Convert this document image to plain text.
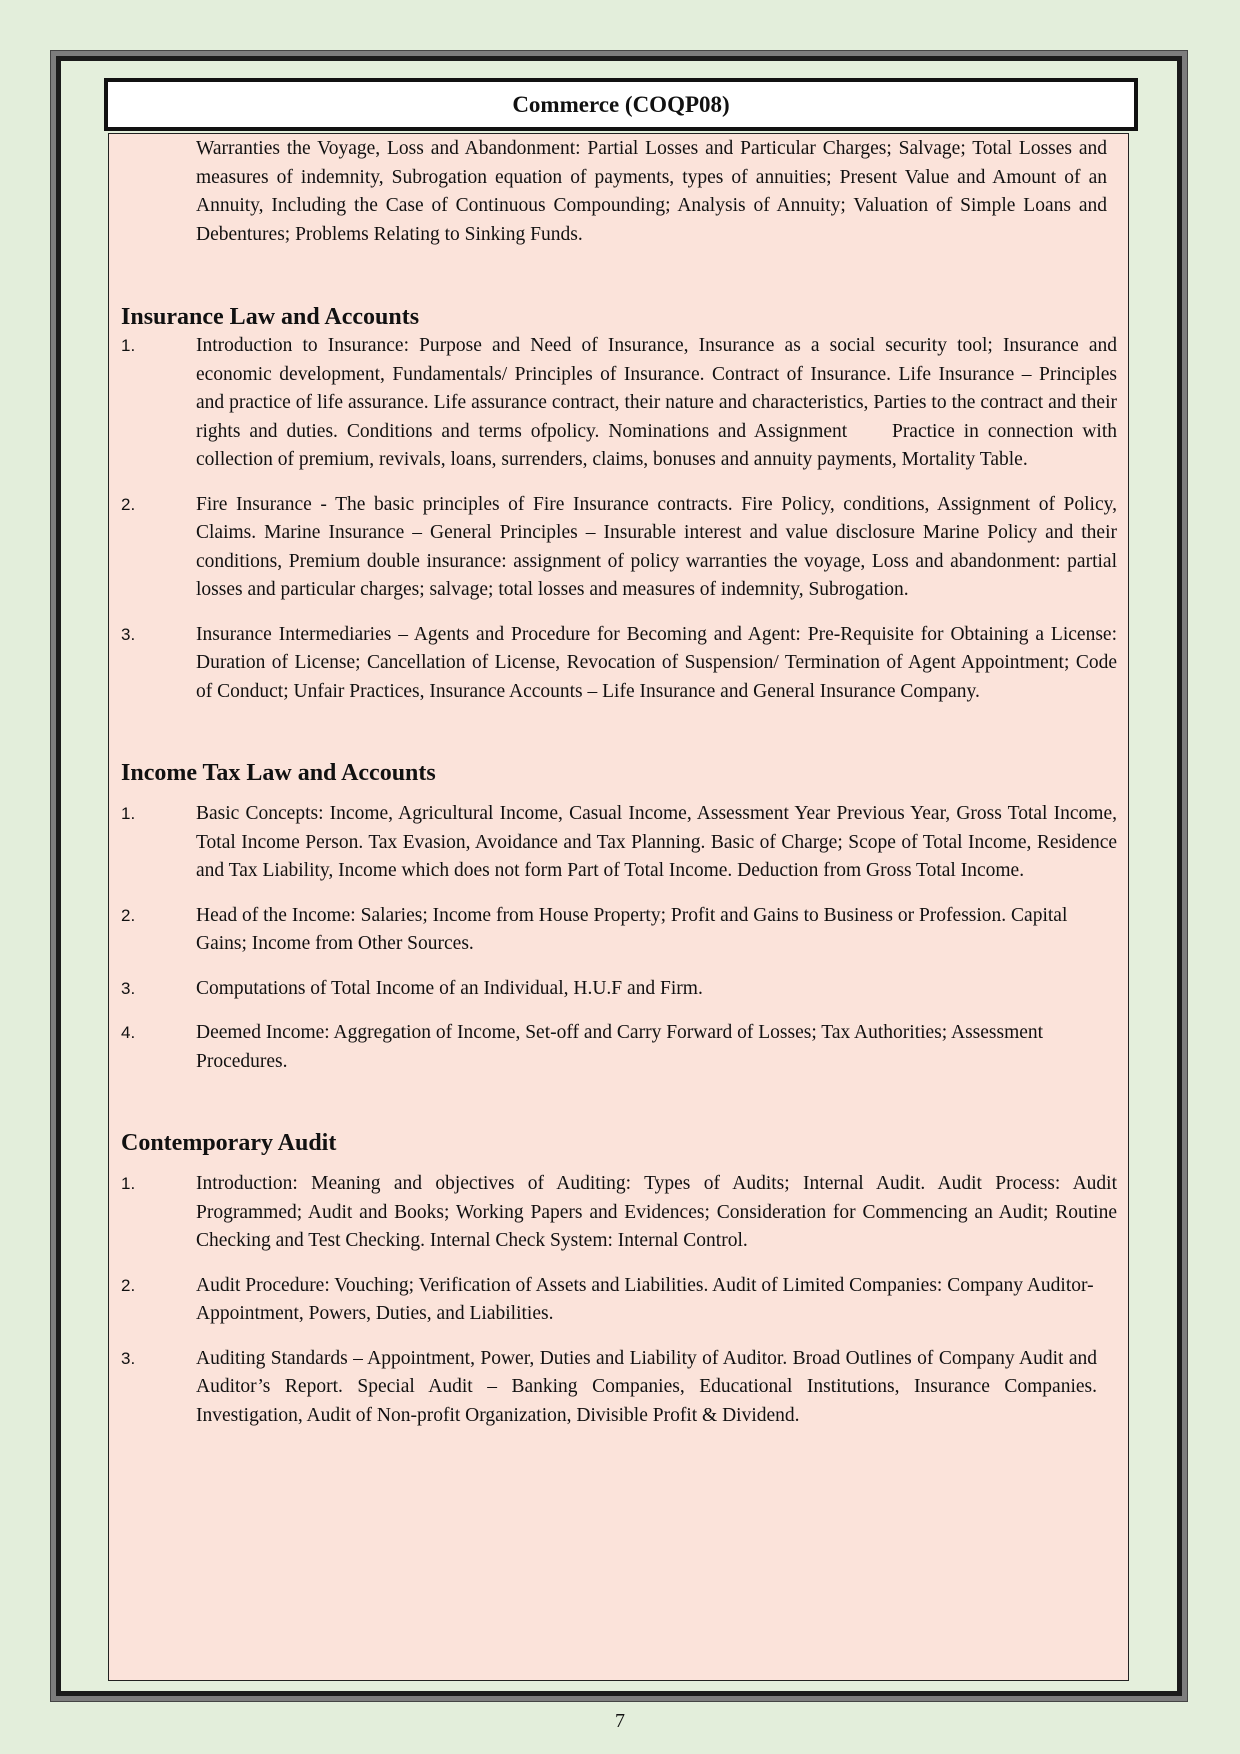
Commerce (COQP08)
Warranties the Voyage, Loss and Abandonment: Partial Losses and Particular Charges; Salvage; Total Losses and measures of indemnity, Subrogation equation of payments, types of annuities; Present Value and Amount of an Annuity, Including the Case of Continuous Compounding; Analysis of Annuity; Valuation of Simple Loans and Debentures; Problems Relating to Sinking Funds.
Insurance Law and Accounts
1.	Introduction to Insurance: Purpose and Need of Insurance, Insurance as a social security tool; Insurance and economic development, Fundamentals/ Principles of Insurance. Contract of Insurance. Life Insurance – Principles and practice of life assurance. Life assurance contract, their nature and characteristics, Parties to the contract and their rights and duties. Conditions and terms ofpolicy. Nominations and Assignment     Practice in connection with collection of premium, revivals, loans, surrenders, claims, bonuses and annuity payments, Mortality Table.
2.	Fire Insurance - The basic principles of Fire Insurance contracts. Fire Policy, conditions, Assignment of Policy, Claims. Marine Insurance – General Principles – Insurable interest and value disclosure Marine Policy and their conditions, Premium double insurance: assignment of policy warranties the voyage, Loss and abandonment: partial losses and particular charges; salvage; total losses and measures of indemnity, Subrogation.
3.	Insurance Intermediaries – Agents and Procedure for Becoming and Agent: Pre-Requisite for Obtaining a License: Duration of License; Cancellation of License, Revocation of Suspension/ Termination of Agent Appointment; Code of Conduct; Unfair Practices, Insurance Accounts – Life Insurance and General Insurance Company.
Income Tax Law and Accounts
1.	Basic Concepts: Income, Agricultural Income, Casual Income, Assessment Year Previous Year, Gross Total Income, Total Income Person. Tax Evasion, Avoidance and Tax Planning. Basic of Charge; Scope of Total Income, Residence and Tax Liability, Income which does not form Part of Total Income. Deduction from Gross Total Income.
2.	Head of the Income: Salaries; Income from House Property; Profit and Gains to Business or Profession. Capital Gains; Income from Other Sources.
3.	Computations of Total Income of an Individual, H.U.F and Firm.
4.	Deemed Income: Aggregation of Income, Set-off and Carry Forward of Losses; Tax Authorities; Assessment Procedures.
Contemporary Audit
1.	Introduction: Meaning and objectives of Auditing: Types of Audits; Internal Audit. Audit Process: Audit Programmed; Audit and Books; Working Papers and Evidences; Consideration for Commencing an Audit; Routine Checking and Test Checking. Internal Check System: Internal Control.
2.	Audit Procedure: Vouching; Verification of Assets and Liabilities. Audit of Limited Companies: Company Auditor- Appointment, Powers, Duties, and Liabilities.
3.	Auditing Standards – Appointment, Power, Duties and Liability of Auditor. Broad Outlines of Company Audit and Auditor’s Report. Special Audit – Banking Companies, Educational Institutions, Insurance Companies. Investigation, Audit of Non-profit Organization, Divisible Profit & Dividend.
7
